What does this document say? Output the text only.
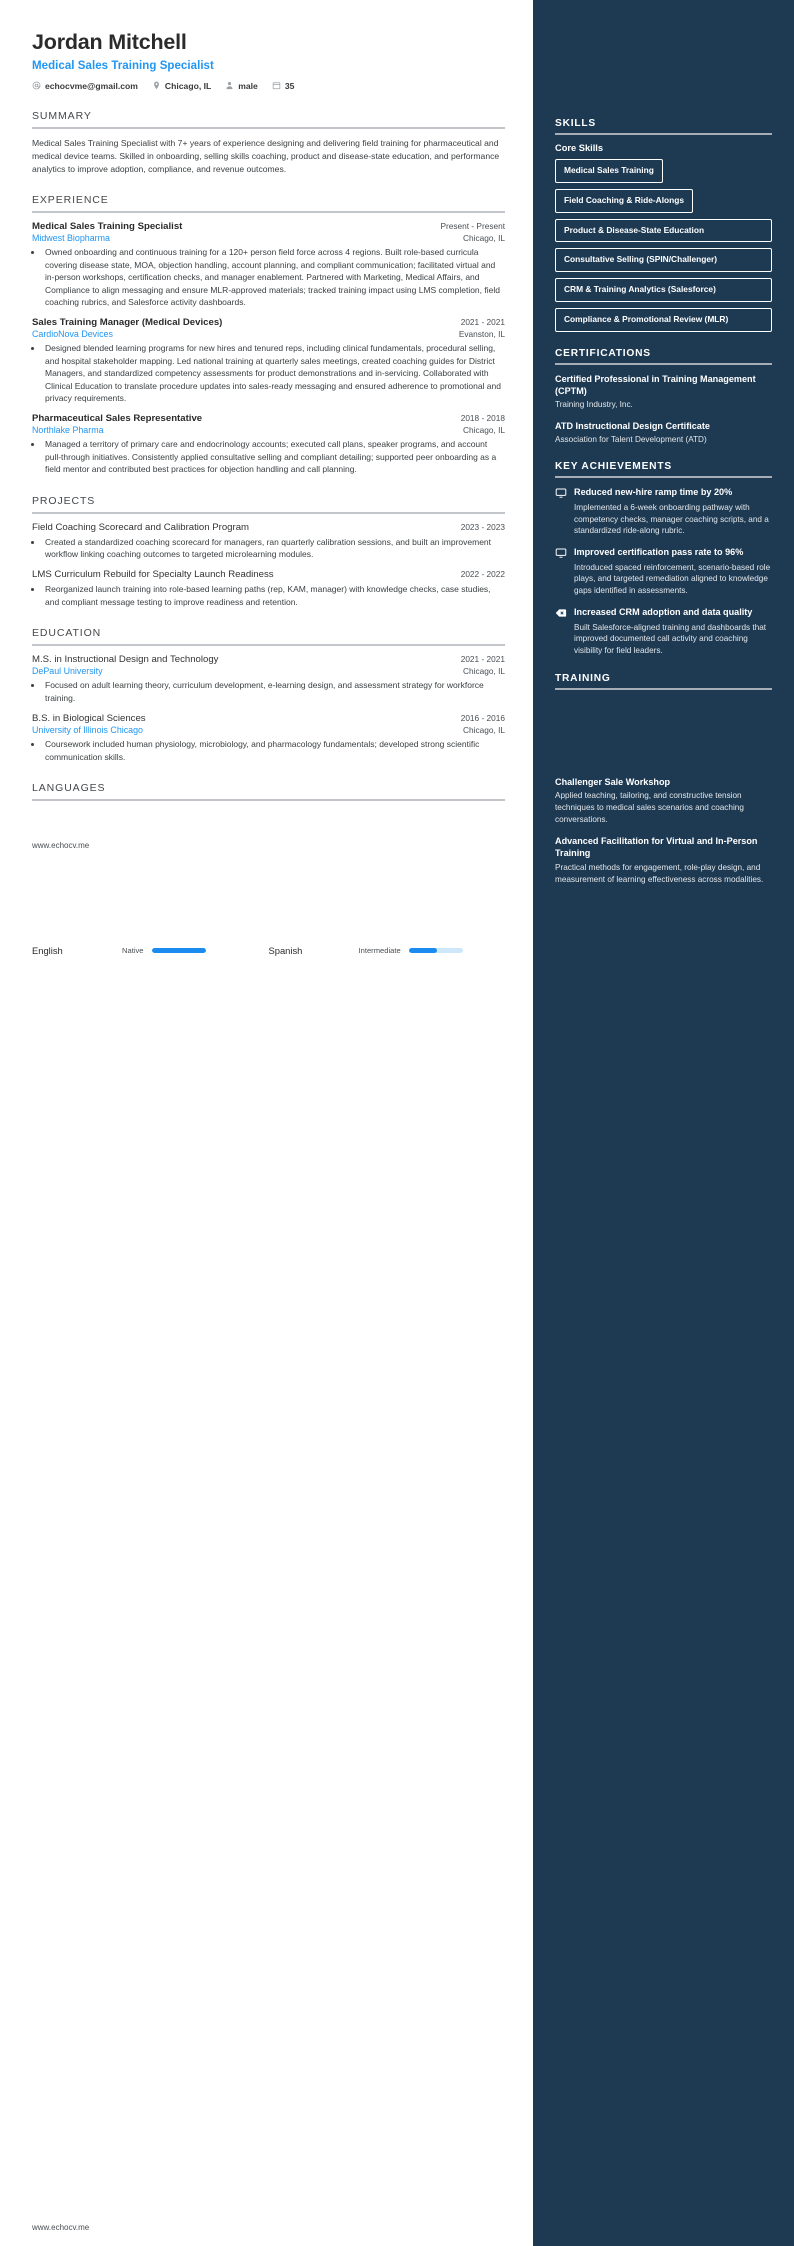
Jordan Mitchell
Medical Sales Training Specialist
echocvme@gmail.com	Chicago, IL	male	35
SUMMARY
Medical Sales Training Specialist with 7+ years of experience designing and delivering field training for pharmaceutical and medical device teams. Skilled in onboarding, selling skills coaching, product and disease-state education, and performance analytics to improve adoption, compliance, and revenue outcomes.
EXPERIENCE
Medical Sales Training Specialist	Present - Present
Midwest Biopharma	Chicago, IL
• Owned onboarding and continuous training for a 120+ person field force across 4 regions. Built role-based curricula covering disease state, MOA, objection handling, account planning, and compliant communication; facilitated virtual and in-person workshops, certification checks, and manager enablement. Partnered with Marketing, Medical Affairs, and Compliance to align messaging and ensure MLR-approved materials; tracked training impact using LMS completion, field coaching rubrics, and Salesforce activity dashboards.
Sales Training Manager (Medical Devices)	2021 - 2021
CardioNova Devices	Evanston, IL
• Designed blended learning programs for new hires and tenured reps, including clinical fundamentals, procedural selling, and hospital stakeholder mapping. Led national training at quarterly sales meetings, created coaching guides for District Managers, and standardized competency assessments for product demonstrations and in-servicing. Collaborated with Clinical Education to translate procedure updates into sales-ready messaging and ensured adherence to promotional and privacy requirements.
Pharmaceutical Sales Representative	2018 - 2018
Northlake Pharma	Chicago, IL
• Managed a territory of primary care and endocrinology accounts; executed call plans, speaker programs, and account pull-through initiatives. Consistently applied consultative selling and compliant detailing; supported peer onboarding as a field mentor and contributed best practices for objection handling and call planning.
PROJECTS
Field Coaching Scorecard and Calibration Program	2023 - 2023
• Created a standardized coaching scorecard for managers, ran quarterly calibration sessions, and built an improvement workflow linking coaching outcomes to targeted microlearning modules.
LMS Curriculum Rebuild for Specialty Launch Readiness	2022 - 2022
• Reorganized launch training into role-based learning paths (rep, KAM, manager) with knowledge checks, case studies, and compliant message testing to improve readiness and retention.
EDUCATION
M.S. in Instructional Design and Technology	2021 - 2021
DePaul University	Chicago, IL
• Focused on adult learning theory, curriculum development, e-learning design, and assessment strategy for workforce training.
B.S. in Biological Sciences	2016 - 2016
University of Illinois Chicago	Chicago, IL
• Coursework included human physiology, microbiology, and pharmacology fundamentals; developed strong scientific communication skills.
LANGUAGES
www.echocv.me
English	Native	Spanish	Intermediate
www.echocv.me
SKILLS
Core Skills
Medical Sales Training Field Coaching & Ride-Alongs
Product & Disease-State Education
Consultative Selling (SPIN/Challenger)
CRM & Training Analytics (Salesforce)
Compliance & Promotional Review (MLR)
CERTIFICATIONS
Certified Professional in Training Management (CPTM)
Training Industry, Inc.
ATD Instructional Design Certificate
Association for Talent Development (ATD)
KEY ACHIEVEMENTS
Reduced new-hire ramp time by 20%
Implemented a 6-week onboarding pathway with competency checks, manager coaching scripts, and a standardized ride-along rubric.
Improved certification pass rate to 96%
Introduced spaced reinforcement, scenario-based role plays, and targeted remediation aligned to knowledge gaps identified in assessments.
Increased CRM adoption and data quality
Built Salesforce-aligned training and dashboards that improved documented call activity and coaching visibility for field leaders.
TRAINING
Challenger Sale Workshop
Applied teaching, tailoring, and constructive tension techniques to medical sales scenarios and coaching conversations.
Advanced Facilitation for Virtual and In-Person Training
Practical methods for engagement, role-play design, and measurement of learning effectiveness across modalities.
